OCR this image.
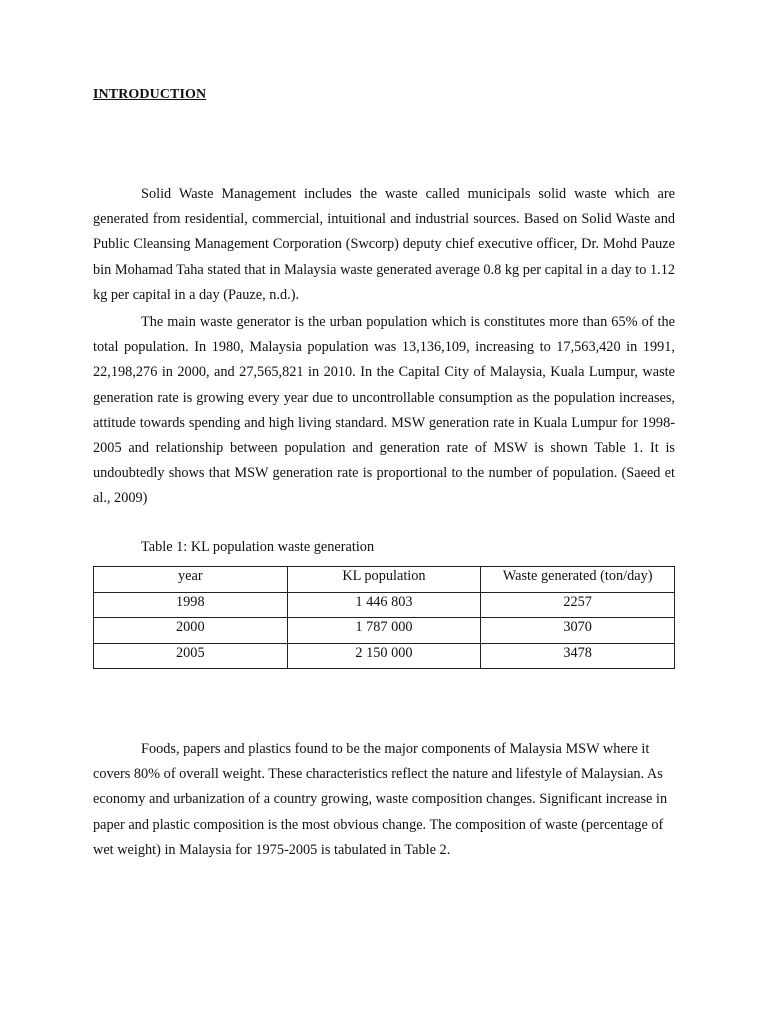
INTRODUCTION

Solid Waste Management includes the waste called municipals solid waste which are generated from residential, commercial, intuitional and industrial sources. Based on Solid Waste and Public Cleansing Management Corporation (Swcorp) deputy chief executive officer, Dr. Mohd Pauze bin Mohamad Taha stated that in Malaysia waste generated average 0.8 kg per capital in a day to 1.12 kg per capital in a day (Pauze, n.d.).

The main waste generator is the urban population which is constitutes more than 65% of the total population. In 1980, Malaysia population was 13,136,109, increasing to 17,563,420 in 1991, 22,198,276 in 2000, and 27,565,821 in 2010. In the Capital City of Malaysia, Kuala Lumpur, waste generation rate is growing every year due to uncontrollable consumption as the population increases, attitude towards spending and high living standard. MSW generation rate in Kuala Lumpur for 1998-2005 and relationship between population and generation rate of MSW is shown Table 1. It is undoubtedly shows that MSW generation rate is proportional to the number of population. (Saeed et al., 2009)

Table 1: KL population waste generation
year	KL population	Waste generated (ton/day)
1998	1 446 803	2257
2000	1 787 000	3070
2005	2 150 000	3478

Foods, papers and plastics found to be the major components of Malaysia MSW where it covers 80% of overall weight. These characteristics reflect the nature and lifestyle of Malaysian. As economy and urbanization of a country growing, waste composition changes. Significant increase in paper and plastic composition is the most obvious change. The composition of waste (percentage of wet weight) in Malaysia for 1975-2005 is tabulated in Table 2.
